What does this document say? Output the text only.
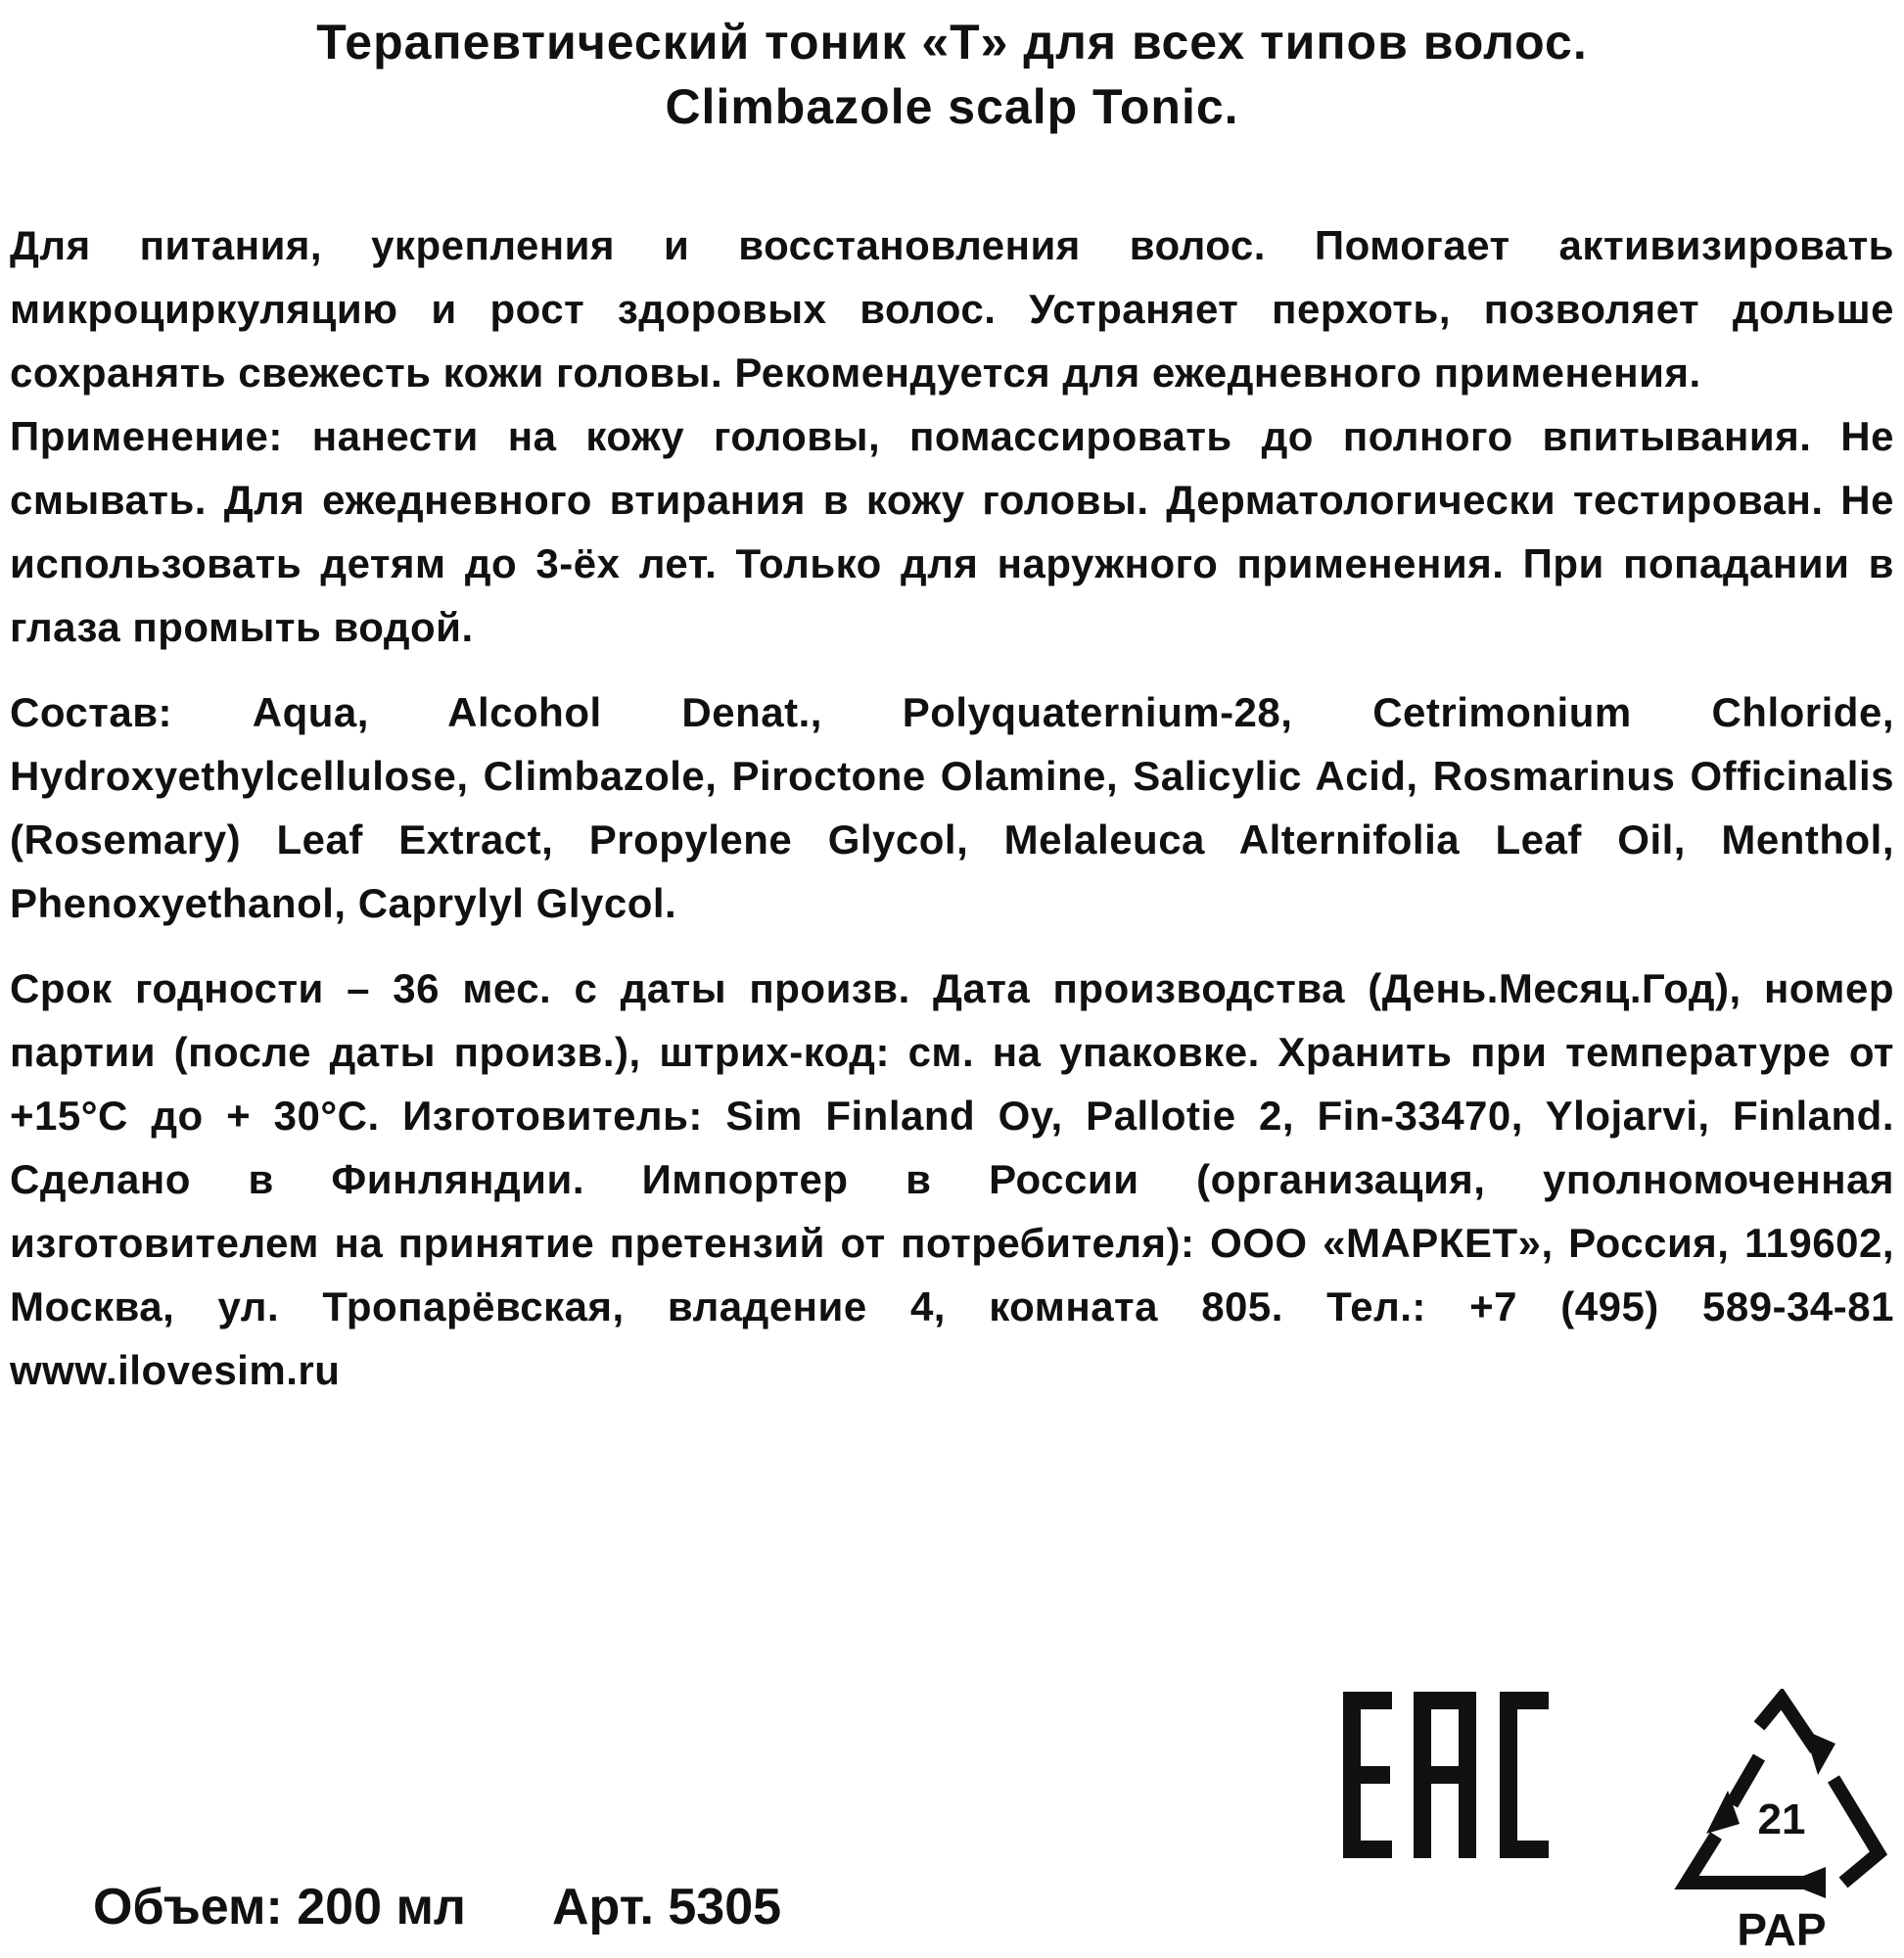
Терапевтический тоник «Т» для всех типов волос.
Climbazole scalp Tonic.

Для питания, укрепления и восстановления волос. Помогает активизировать микроциркуляцию и рост здоровых волос. Устраняет перхоть, позволяет дольше сохранять свежесть кожи головы. Рекомендуется для ежедневного применения.

Применение: нанести на кожу головы, помассировать до полного впитывания. Не смывать. Для ежедневного втирания в кожу головы. Дерматологически тестирован. Не использовать детям до 3-ёх лет. Только для наружного применения. При попадании в глаза промыть водой.

Состав: Aqua, Alcohol Denat., Polyquaternium-28, Cetrimonium Chloride, Hydroxyethylcellulose, Climbazole, Piroctone Olamine, Salicylic Acid, Rosmarinus Officinalis (Rosemary) Leaf Extract, Propylene Glycol, Melaleuca Alternifolia Leaf Oil, Menthol, Phenoxyethanol, Caprylyl Glycol.

Срок годности – 36 мес. с даты произв. Дата производства (День.Месяц.Год), номер партии (после даты произв.), штрих-код: см. на упаковке. Хранить при температуре от +15°С до + 30°С. Изготовитель: Sim Finland Oy, Pallotie 2, Fin-33470, Ylojarvi, Finland. Сделано в Финляндии. Импортер в России (организация, уполномоченная изготовителем на принятие претензий от потребителя): ООО «МАРКЕТ», Россия, 119602, Москва, ул. Тропарёвская, владение 4, комната 805. Тел.: +7 (495) 589-34-81 www.ilovesim.ru

Объем: 200 мл Арт. 5305
21
PAP
